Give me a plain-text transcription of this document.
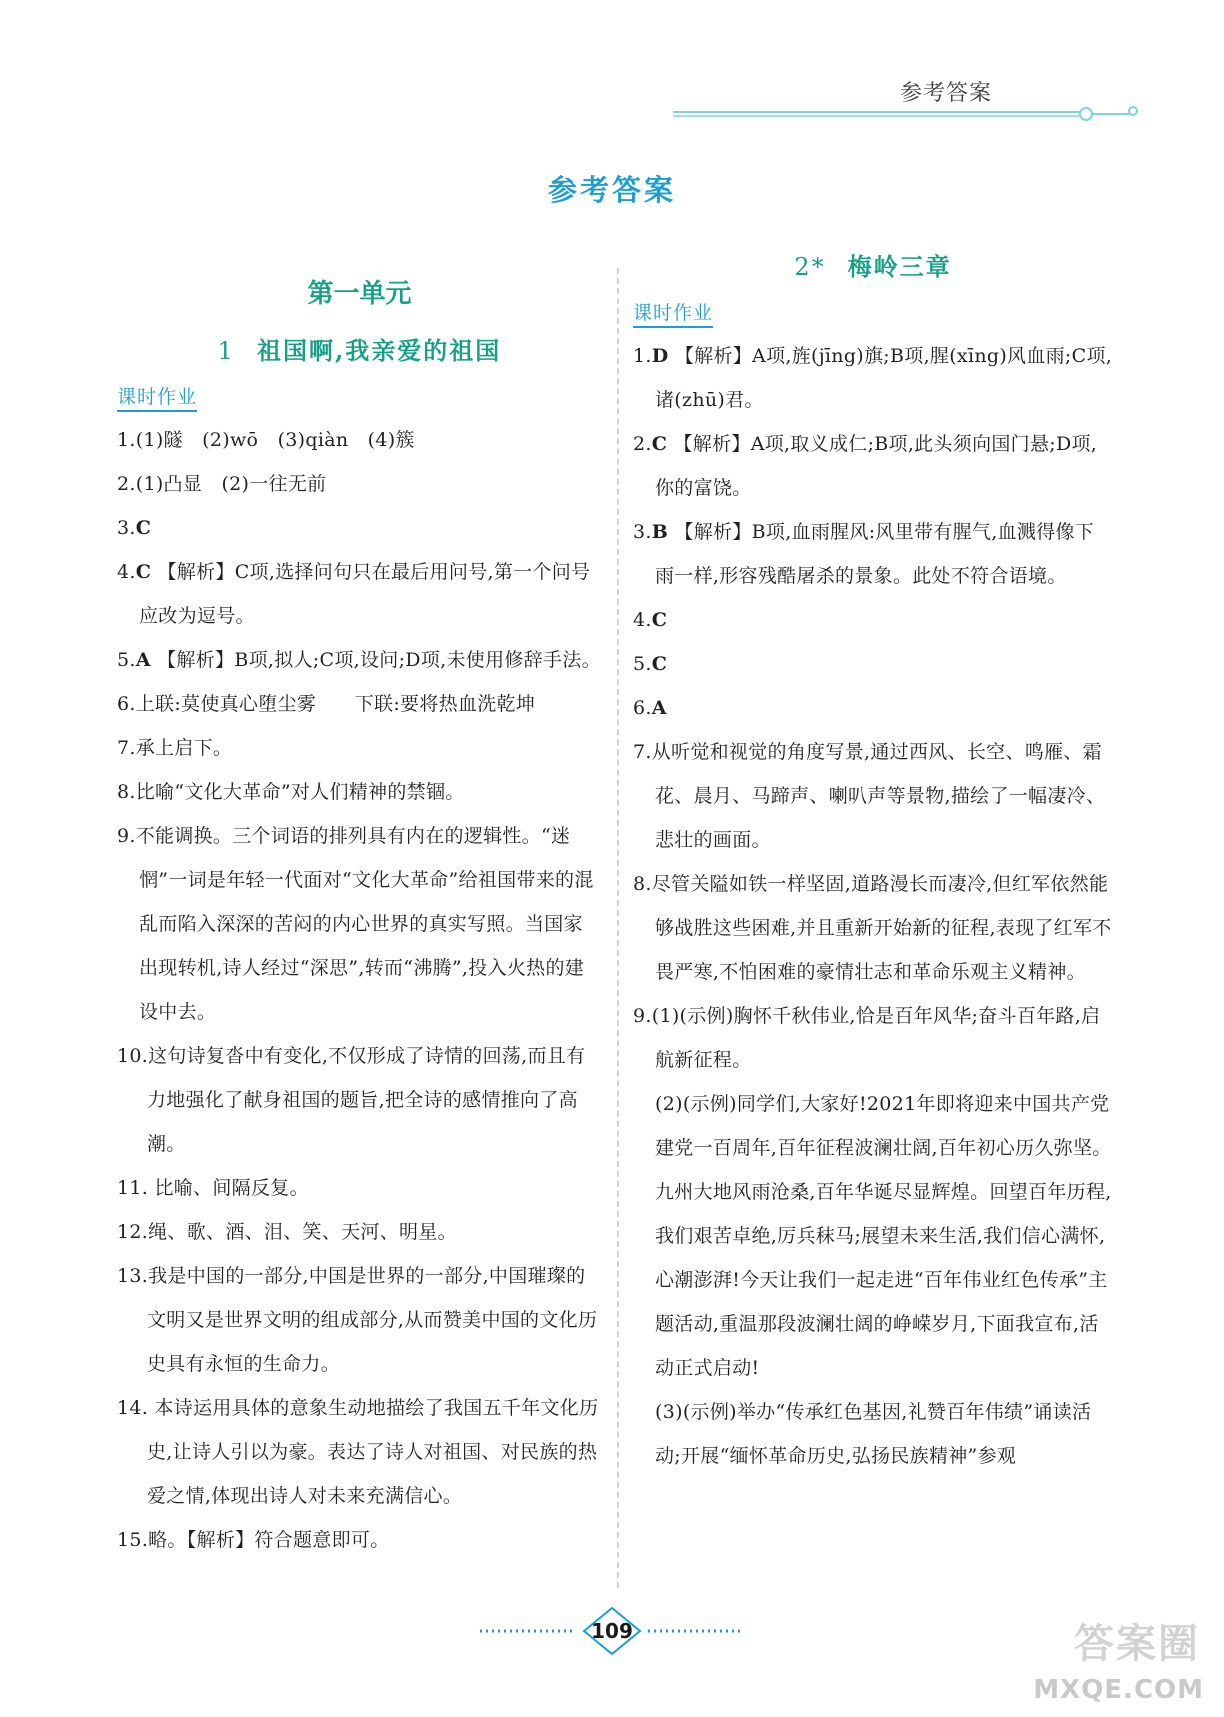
参考答案
参考答案
第一单元
1 祖国啊,我亲爱的祖国
课时作业
1.(1)隧　(2)wō　(3)qiàn　(4)簇
2.(1)凸显　(2)一往无前
3.C
4.C 【解析】C项,选择问句只在最后用问号,第一个问号应改为逗号。
5.A 【解析】B项,拟人;C项,设问;D项,未使用修辞手法。
6.上联:莫使真心堕尘雾　　下联:要将热血洗乾坤
7.承上启下。
8.比喻“文化大革命”对人们精神的禁锢。
9.不能调换。三个词语的排列具有内在的逻辑性。“迷惘”一词是年轻一代面对“文化大革命”给祖国带来的混乱而陷入深深的苦闷的内心世界的真实写照。当国家出现转机,诗人经过“深思”,转而“沸腾”,投入火热的建设中去。
10.这句诗复沓中有变化,不仅形成了诗情的回荡,而且有力地强化了献身祖国的题旨,把全诗的感情推向了高潮。
11. 比喻、间隔反复。
12.绳、歌、酒、泪、笑、天河、明星。
13.我是中国的一部分,中国是世界的一部分,中国璀璨的文明又是世界文明的组成部分,从而赞美中国的文化历史具有永恒的生命力。
14. 本诗运用具体的意象生动地描绘了我国五千年文化历史,让诗人引以为豪。表达了诗人对祖国、对民族的热爱之情,体现出诗人对未来充满信心。
15.略。【解析】符合题意即可。
2* 梅岭三章
课时作业
1.D 【解析】A项,旌(jīng)旗;B项,腥(xīng)风血雨;C项,诸(zhū)君。
2.C 【解析】A项,取义成仁;B项,此头须向国门悬;D项,你的富饶。
3.B 【解析】B项,血雨腥风:风里带有腥气,血溅得像下雨一样,形容残酷屠杀的景象。此处不符合语境。
4.C
5.C
6.A
7.从听觉和视觉的角度写景,通过西风、长空、鸣雁、霜花、晨月、马蹄声、喇叭声等景物,描绘了一幅凄冷、悲壮的画面。
8.尽管关隘如铁一样坚固,道路漫长而凄冷,但红军依然能够战胜这些困难,并且重新开始新的征程,表现了红军不畏严寒,不怕困难的豪情壮志和革命乐观主义精神。
9.(1)(示例)胸怀千秋伟业,恰是百年风华;奋斗百年路,启航新征程。
(2)(示例)同学们,大家好!2021年即将迎来中国共产党建党一百周年,百年征程波澜壮阔,百年初心历久弥坚。九州大地风雨沧桑,百年华诞尽显辉煌。回望百年历程,我们艰苦卓绝,厉兵秣马;展望未来生活,我们信心满怀,心潮澎湃!今天让我们一起走进“百年伟业红色传承”主题活动,重温那段波澜壮阔的峥嵘岁月,下面我宣布,活动正式启动!
(3)(示例)举办“传承红色基因,礼赞百年伟绩”诵读活动;开展“缅怀革命历史,弘扬民族精神”参观
109	答案圈
MXQE.COM
